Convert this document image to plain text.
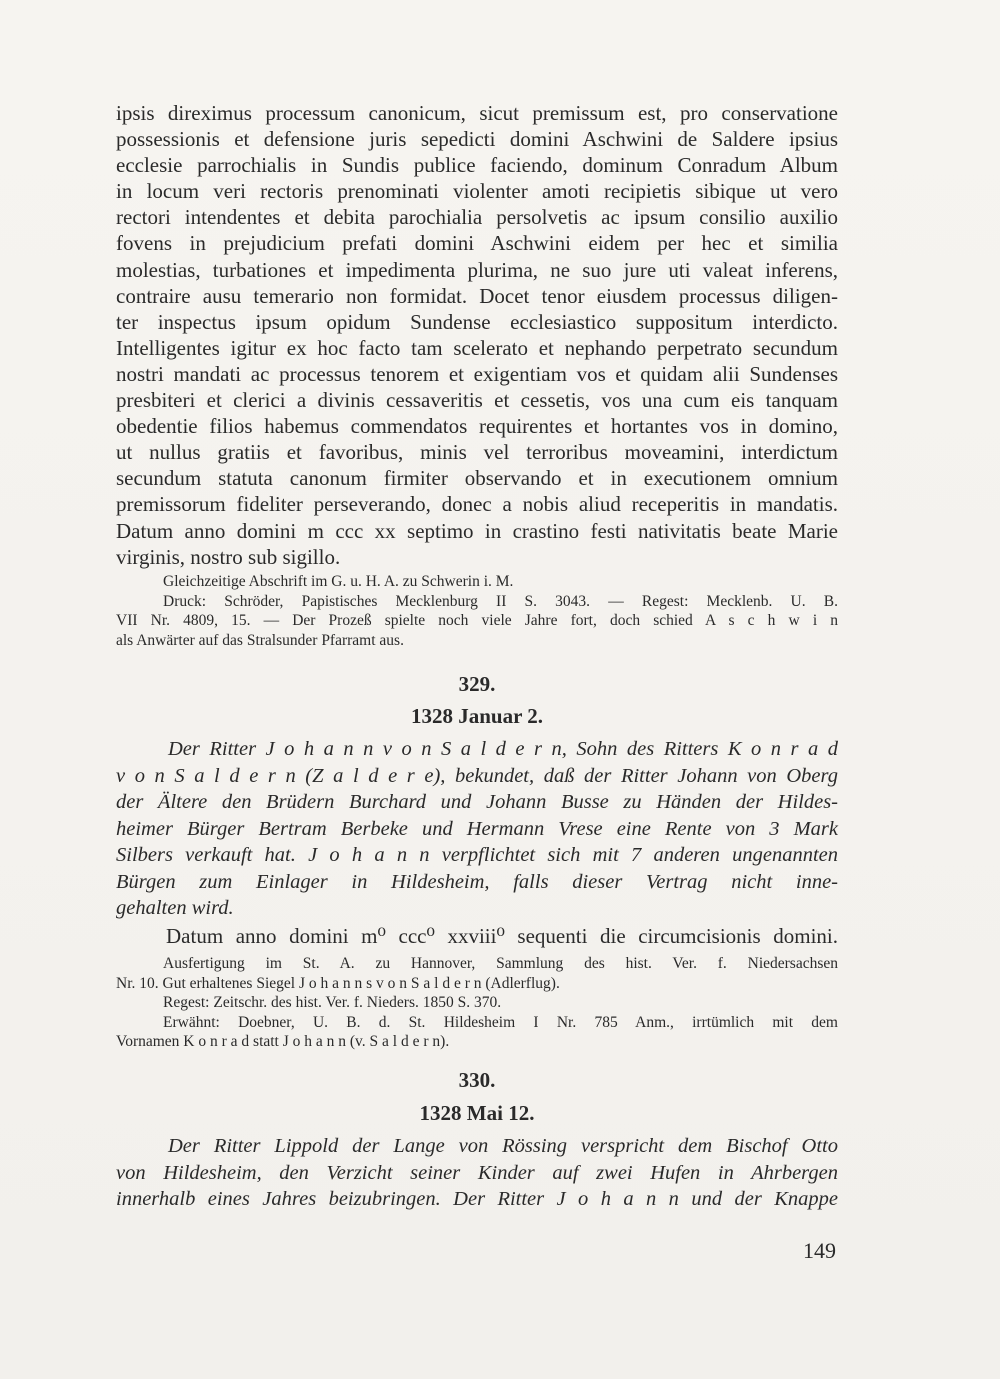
ipsis direximus processum canonicum, sicut premissum est, pro conservatione
possessionis et defensione juris sepedicti domini Aschwini de Saldere ipsius
ecclesie parrochialis in Sundis publice faciendo, dominum Conradum Album
in locum veri rectoris prenominati violenter amoti recipietis sibique ut vero
rectori intendentes et debita parochialia persolvetis ac ipsum consilio auxilio
fovens in prejudicium prefati domini Aschwini eidem per hec et similia
molestias, turbationes et impedimenta plurima, ne suo jure uti valeat inferens,
contraire ausu temerario non formidat. Docet tenor eiusdem processus diligen-
ter inspectus ipsum opidum Sundense ecclesiastico suppositum interdicto.
Intelligentes igitur ex hoc facto tam scelerato et nephando perpetrato secundum
nostri mandati ac processus tenorem et exigentiam vos et quidam alii Sundenses
presbiteri et clerici a divinis cessaveritis et cessetis, vos una cum eis tanquam
obedentie filios habemus commendatos requirentes et hortantes vos in domino,
ut nullus gratiis et favoribus, minis vel terroribus moveamini, interdictum
secundum statuta canonum firmiter observando et in executionem omnium
premissorum fideliter perseverando, donec a nobis aliud receperitis in mandatis.
Datum anno domini m ccc xx septimo in crastino festi nativitatis beate Marie
virginis, nostro sub sigillo.
Gleichzeitige Abschrift im G. u. H. A. zu Schwerin i. M.
Druck: Schröder, Papistisches Mecklenburg II S. 3043. — Regest: Mecklenb. U. B.
VII Nr. 4809, 15. — Der Prozeß spielte noch viele Jahre fort, doch schied A s c h w i n
als Anwärter auf das Stralsunder Pfarramt aus.
329.
1328 Januar 2.
Der Ritter J o h a n n v o n S a l d e r n, Sohn des Ritters K o n r a d
v o n S a l d e r n (Z a l d e r e), bekundet, daß der Ritter Johann von Oberg
der Ältere den Brüdern Burchard und Johann Busse zu Händen der Hildes-
heimer Bürger Bertram Berbeke und Hermann Vrese eine Rente von 3 Mark
Silbers verkauft hat. J o h a n n verpflichtet sich mit 7 anderen ungenannten
Bürgen zum Einlager in Hildesheim, falls dieser Vertrag nicht inne-
gehalten wird.
Datum anno domini m⁰ ccc⁰ xxviii⁰ sequenti die circumcisionis domini.
Ausfertigung im St. A. zu Hannover, Sammlung des hist. Ver. f. Niedersachsen
Nr. 10. Gut erhaltenes Siegel J o h a n n s v o n S a l d e r n (Adlerflug).
Regest: Zeitschr. des hist. Ver. f. Nieders. 1850 S. 370.
Erwähnt: Doebner, U. B. d. St. Hildesheim I Nr. 785 Anm., irrtümlich mit dem
Vornamen K o n r a d statt J o h a n n (v. S a l d e r n).
330.
1328 Mai 12.
Der Ritter Lippold der Lange von Rössing verspricht dem Bischof Otto
von Hildesheim, den Verzicht seiner Kinder auf zwei Hufen in Ahrbergen
innerhalb eines Jahres beizubringen. Der Ritter J o h a n n und der Knappe
149
